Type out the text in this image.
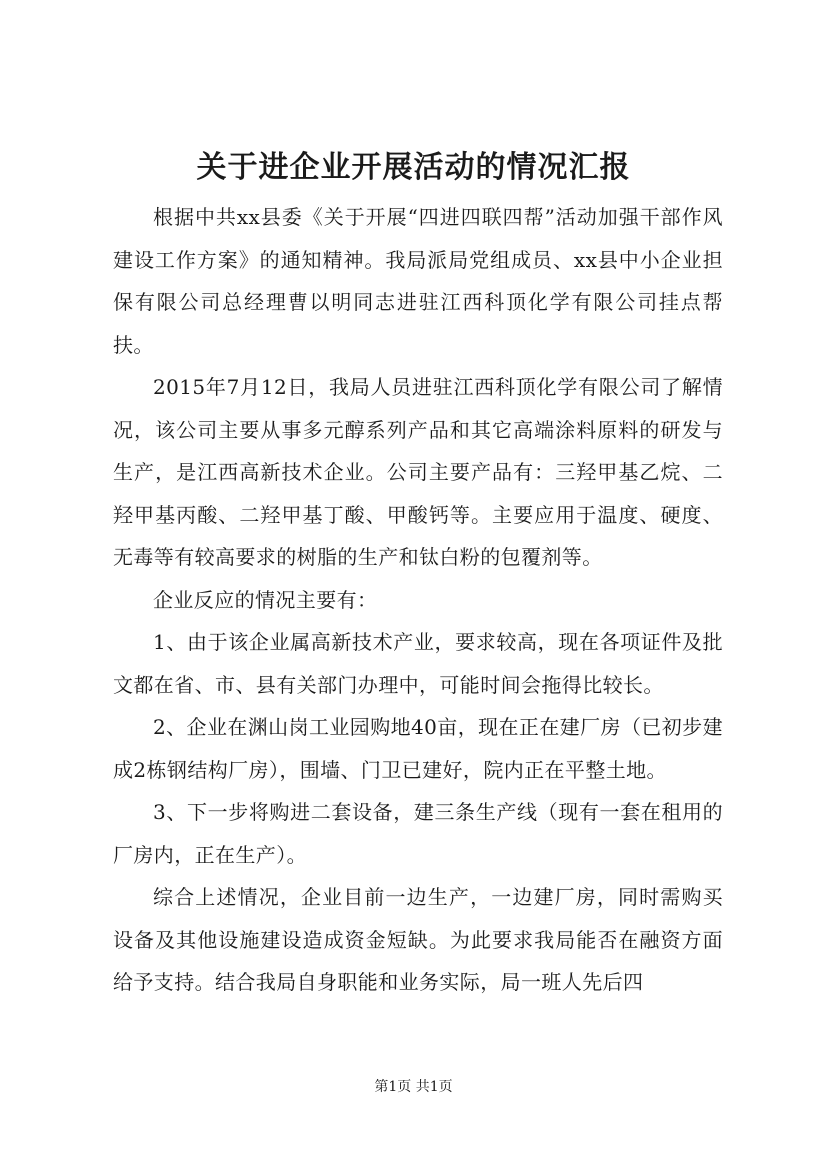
关于进企业开展活动的情况汇报

根据中共xx县委《关于开展“四进四联四帮”活动加强干部作风建设工作方案》的通知精神。我局派局党组成员、xx县中小企业担保有限公司总经理曹以明同志进驻江西科顶化学有限公司挂点帮扶。

2015年7月12日，我局人员进驻江西科顶化学有限公司了解情况，该公司主要从事多元醇系列产品和其它高端涂料原料的研发与生产，是江西高新技术企业。公司主要产品有：三羟甲基乙烷、二羟甲基丙酸、二羟甲基丁酸、甲酸钙等。主要应用于温度、硬度、无毒等有较高要求的树脂的生产和钛白粉的包覆剂等。

企业反应的情况主要有：

1、由于该企业属高新技术产业，要求较高，现在各项证件及批文都在省、市、县有关部门办理中，可能时间会拖得比较长。

2、企业在渊山岗工业园购地40亩，现在正在建厂房（已初步建成2栋钢结构厂房），围墙、门卫已建好，院内正在平整土地。

3、下一步将购进二套设备，建三条生产线（现有一套在租用的厂房内，正在生产）。

综合上述情况，企业目前一边生产，一边建厂房，同时需购买设备及其他设施建设造成资金短缺。为此要求我局能否在融资方面给予支持。结合我局自身职能和业务实际，局一班人先后四

第1页 共1页
